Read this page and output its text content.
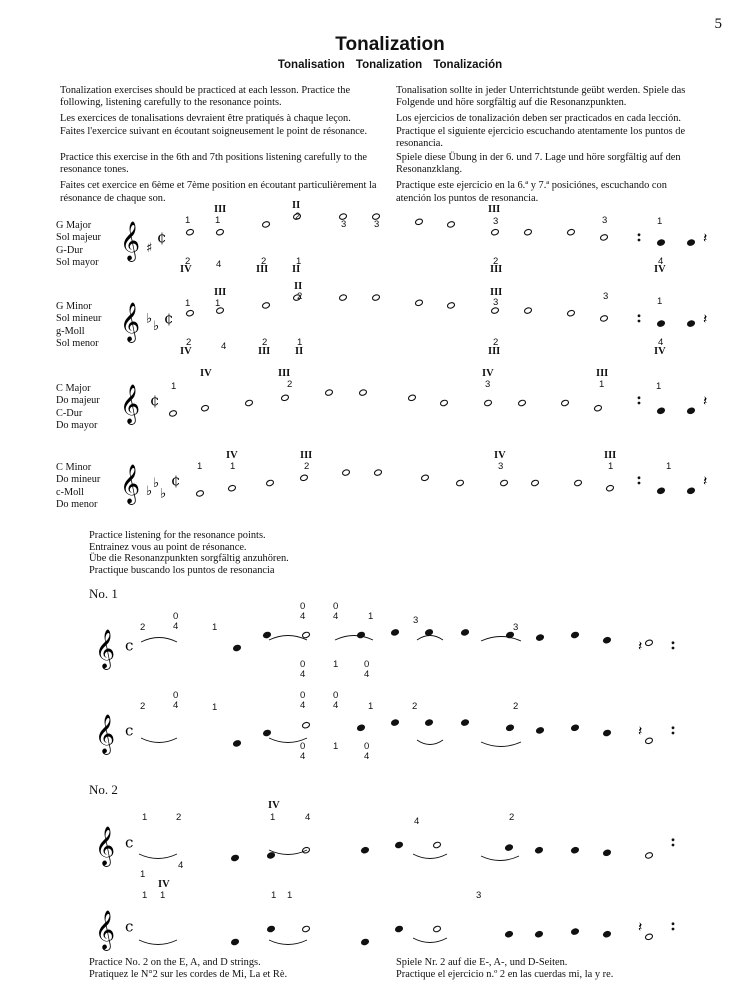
5
Tonalization
Tonalisation Tonalization Tonalización

Tonalization exercises should be practiced at each lesson. Practice the following, listening carefully to the resonance points.

Les exercices de tonalisations devraient être pratiqués à chaque leçon. Faites l'exercice suivant en écoutant soigneusement le point de résonance.

Tonalisation sollte in jeder Unterrichtstunde geübt werden. Spiele das Folgende und höre sorgfältig auf die Resonanzpunkten.

Los ejercicios de tonalización deben ser practicados en cada lección. Practique el siguiente ejercicio escuchando atentamente los puntos de resonancia.

Practice this exercise in the 6th and 7th positions listening carefully to the resonance tones.

Faites cet exercice en 6ème et 7ème position en écoutant particulièrement la résonance de chaque son.

Spiele diese Übung in der 6. und 7. Lage und höre sorgfältig auf den Resonanzklang.

Practique este ejercicio en la 6.ª y 7.ª posiciónes, escuchando con atención los puntos de resonancia.

G Major
Sol majeur
G-Dur
Sol mayor
G Minor
Sol mineur
g-Moll
Sol menor
C Major
Do majeur
C-Dur
Do mayor
C Minor
Do mineur
c-Moll
Do menor
𝄞 ♯
¢	𝄽
𝄞 ♭
♭ ¢	𝄽
𝄞 ¢	𝄽
𝄞 ♭
♭
♭
¢	𝄽
1	1	2
3	3	3	3	1
2	4	2	1	2	4
1	1
2
3
3	1
2	4	2	1	2	4
1	2	3	1	1
1	1	2	3	1	1
III	II	III
IV	III II	III	IV
III
II
III
IV	III II	III	IV
IV	III	IV	III
IV	III	IV	III
𝄞 c	𝄽
𝄞 c	𝄽
2
0
4	1
0
4
0
4	1	3
3
0
4
1	0
4
2
0
4	1
0
4
0
4	1	2	2
0
4
1	0
4
𝄞 c
𝄞 c	𝄽
1	2	1	4	4	2
4
1
1 1	1 1	3
IV
IV
Practice listening for the resonance points.
Entrainez vous au point de résonance.
Übe die Resonanzpunkten sorgfältig anzuhören.
Practique buscando los puntos de resonancia
No. 1
No. 2
Practice No. 2 on the E, A, and D strings.
Pratiquez le N°2 sur les cordes de Mi, La et Rè.
Spiele Nr. 2 auf die E-, A-, und D-Seiten.
Practique el ejercicio n.º 2 en las cuerdas mi, la y re.
